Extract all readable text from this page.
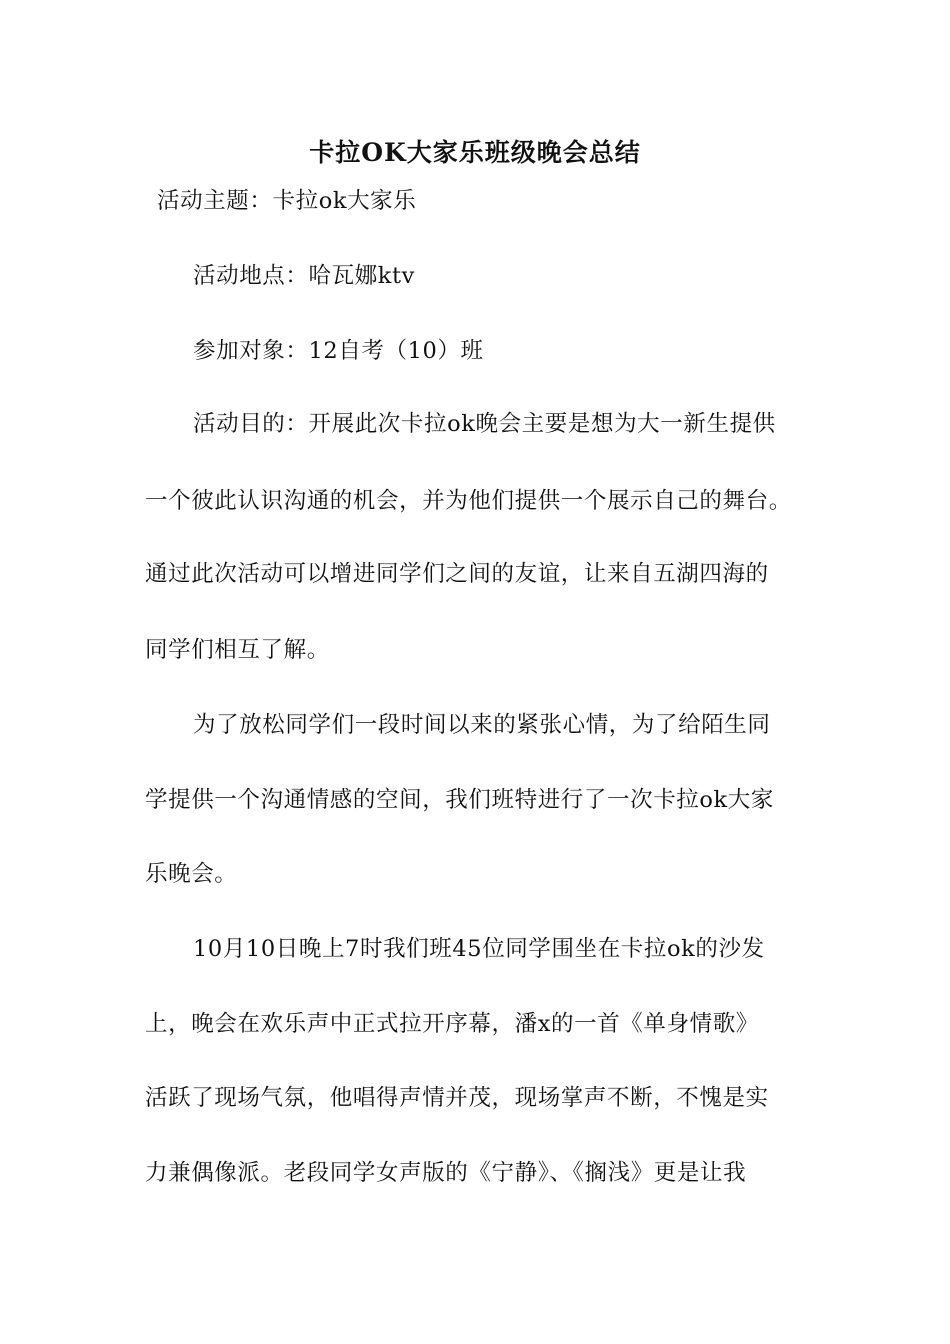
卡拉OK大家乐班级晚会总结
活动主题：卡拉ok大家乐
活动地点：哈瓦娜ktv
参加对象：12自考（10）班
活动目的：开展此次卡拉ok晚会主要是想为大一新生提供
一个彼此认识沟通的机会，并为他们提供一个展示自己的舞台。
通过此次活动可以增进同学们之间的友谊，让来自五湖四海的
同学们相互了解。
为了放松同学们一段时间以来的紧张心情，为了给陌生同
学提供一个沟通情感的空间，我们班特进行了一次卡拉ok大家
乐晚会。
10月10日晚上7时我们班45位同学围坐在卡拉ok的沙发
上，晚会在欢乐声中正式拉开序幕，潘x的一首《单身情歌》
活跃了现场气氛，他唱得声情并茂，现场掌声不断，不愧是实
力兼偶像派。老段同学女声版的《宁静》、《搁浅》更是让我
